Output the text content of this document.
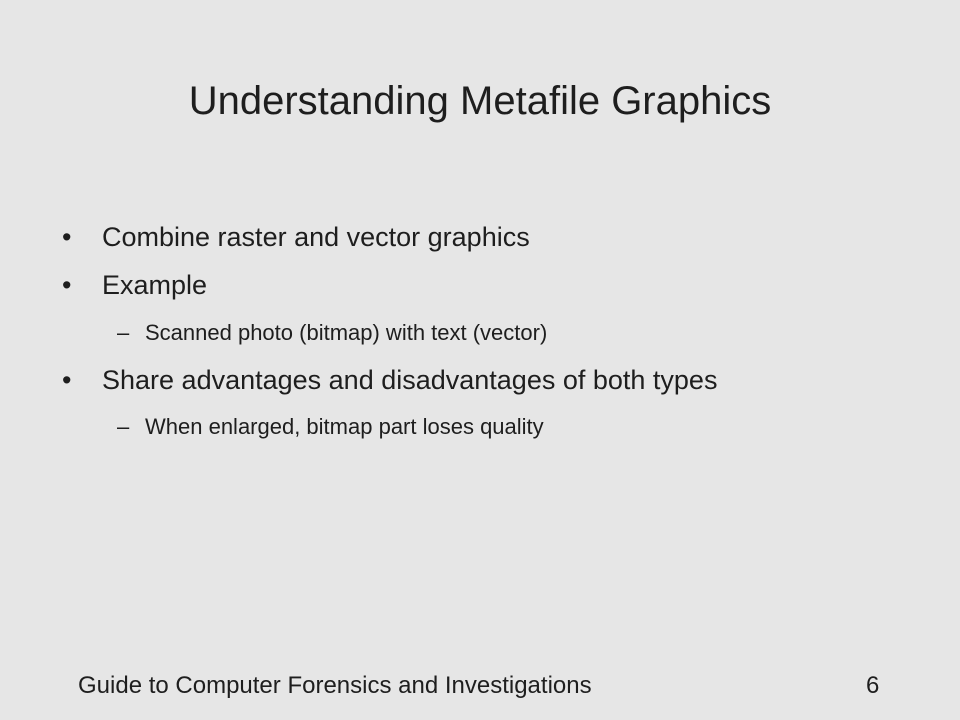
Understanding Metafile Graphics
• Combine raster and vector graphics
• Example
– Scanned photo (bitmap) with text (vector)
• Share advantages and disadvantages of both types
– When enlarged, bitmap part loses quality
Guide to Computer Forensics and Investigations	6
